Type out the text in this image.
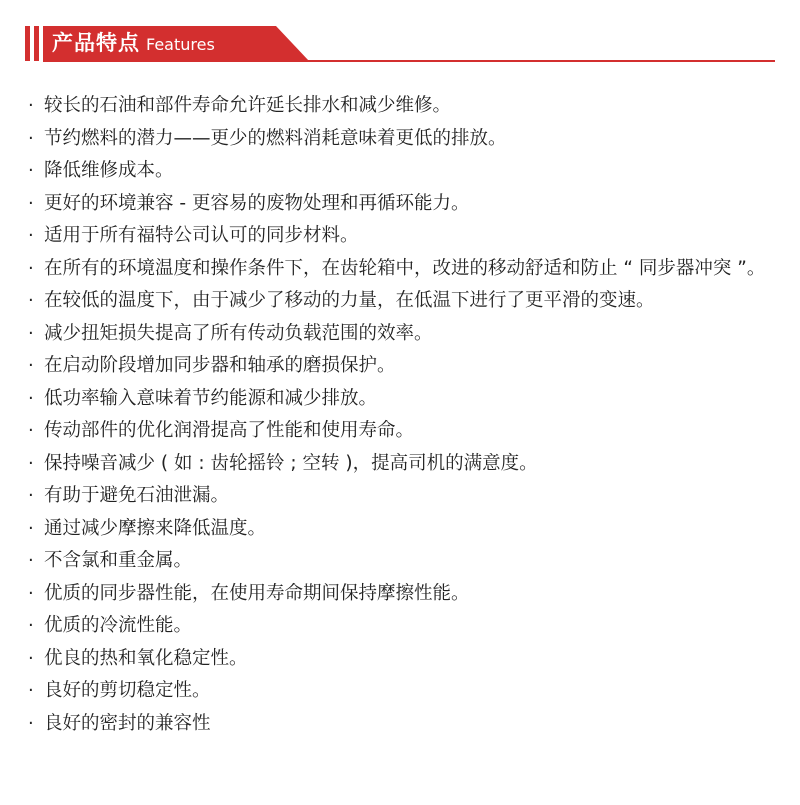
产品特点 Features
· 较长的石油和部件寿命允许延长排水和减少维修。
· 节约燃料的潜力——更少的燃料消耗意味着更低的排放。
· 降低维修成本。
· 更好的环境兼容 - 更容易的废物处理和再循环能力。
· 适用于所有福特公司认可的同步材料。
· 在所有的环境温度和操作条件下，在齿轮箱中，改进的移动舒适和防止 “ 同步器冲突 ”。
· 在较低的温度下，由于减少了移动的力量，在低温下进行了更平滑的变速。
· 减少扭矩损失提高了所有传动负载范围的效率。
· 在启动阶段增加同步器和轴承的磨损保护。
· 低功率输入意味着节约能源和减少排放。
· 传动部件的优化润滑提高了性能和使用寿命。
· 保持噪音减少 ( 如 : 齿轮摇铃 ; 空转 )，提高司机的满意度。
· 有助于避免石油泄漏。
· 通过减少摩擦来降低温度。
· 不含氯和重金属。
· 优质的同步器性能，在使用寿命期间保持摩擦性能。
· 优质的冷流性能。
· 优良的热和氧化稳定性。
· 良好的剪切稳定性。
· 良好的密封的兼容性
